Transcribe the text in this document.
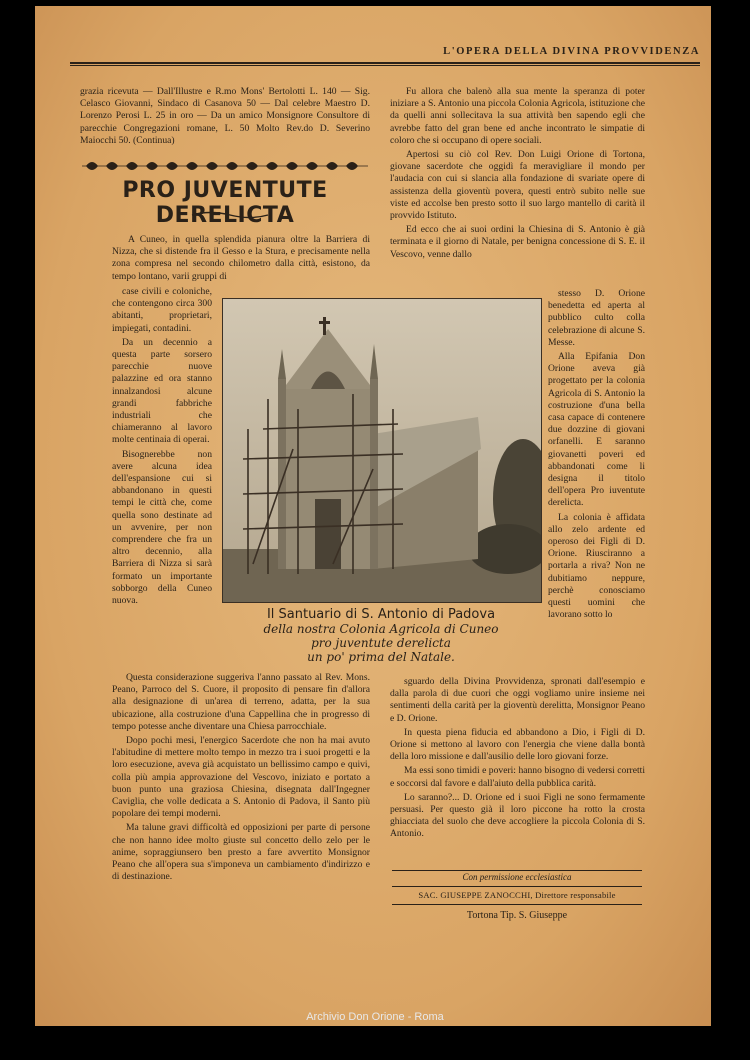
L'OPERA DELLA DIVINA PROVVIDENZA

grazia ricevuta — Dall'Illustre e R.mo Mons' Bertolotti L. 140 — Sig. Celasco Giovanni, Sindaco di Casanova 50 — Dal celebre Maestro D. Lorenzo Perosi L. 25 in oro — Da un amico Monsignore Consultore di parecchie Congregazioni romane, L. 50 Molto Rev.do D. Severino Maiocchi 50. (Continua)

PRO JUVENTUTE DERELICTA

A Cuneo, in quella splendida pianura oltre la Barriera di Nizza, che si distende fra il Gesso e la Stura, e precisamente nella zona compresa nel secondo chilometro dalla città, esistono, da tempo lontano, varii gruppi di

case civili e coloniche, che contengono circa 300 abitanti, proprietari, impiegati, contadini.

Da un decennio a questa parte sorsero parecchie nuove palazzine ed ora stanno innalzandosi alcune grandi fabbriche industriali che chiameranno al lavoro molte centinaia di operai.

Bisognerebbe non avere alcuna idea dell'espansione cui si abbandonano in questi tempi le città che, come quella sono destinate ad un avvenire, per non comprendere che fra un altro decennio, alla Barriera di Nizza si sarà formato un importante sobborgo della Cuneo nuova.

Il Santuario di S. Antonio di Padova
della nostra Colonia Agricola di Cuneo
pro juventute derelicta
un po' prima del Natale.

Questa considerazione suggeriva l'anno passato al Rev. Mons. Peano, Parroco del S. Cuore, il proposito di pensare fin d'allora alla designazione di un'area di terreno, adatta, per la sua ubicazione, alla costruzione d'una Cappellina che in progresso di tempo potesse anche diventare una Chiesa parrocchiale.

Dopo pochi mesi, l'energico Sacerdote che non ha mai avuto l'abitudine di mettere molto tempo in mezzo tra i suoi progetti e la loro esecuzione, aveva già acquistato un bellissimo campo e quivi, colla più ampia approvazione del Vescovo, iniziato e portato a buon punto una graziosa Chiesina, disegnata dall'Ingegner Caviglia, che volle dedicata a S. Antonio di Padova, il Santo più popolare dei tempi moderni.

Ma talune gravi difficoltà ed opposizioni per parte di persone che non hanno idee molto giuste sul concetto dello zelo per le anime, sopraggiunsero ben presto a fare avvertito Monsignor Peano che all'opera sua s'imponeva un cambiamento d'indirizzo e di destinazione.

Fu allora che balenò alla sua mente la speranza di poter iniziare a S. Antonio una piccola Colonia Agricola, istituzione che da quelli anni sollecitava la sua attività ben sapendo egli che avrebbe fatto del gran bene ed anche incontrato le simpatie di coloro che si occupano di opere sociali.

Apertosi su ciò col Rev. Don Luigi Orione di Tortona, giovane sacerdote che oggidì fa meravigliare il mondo per l'audacia con cui si slancia alla fondazione di svariate opere di assistenza della gioventù povera, questi entrò subito nelle sue viste ed accolse ben presto sotto il suo largo mantello di carità il provvido Istituto.

Ed ecco che ai suoi ordini la Chiesina di S. Antonio è già terminata e il giorno di Natale, per benigna concessione di S. E. il Vescovo, venne dallo

stesso D. Orione benedetta ed aperta al pubblico culto colla celebrazione di alcune S. Messe.

Alla Epifania Don Orione aveva già progettato per la colonia Agricola di S. Antonio la costruzione d'una bella casa capace di contenere due dozzine di giovani orfanelli. E saranno giovanetti poveri ed abbandonati come li designa il titolo dell'opera Pro iuventute derelicta.

La colonia è affidata allo zelo ardente ed operoso dei Figli di D. Orione. Riusciranno a portarla a riva? Non ne dubitiamo neppure, perchè conosciamo questi uomini che lavorano sotto lo

sguardo della Divina Provvidenza, spronati dall'esempio e dalla parola di due cuori che oggi vogliamo unire insieme nei sentimenti della carità per la gioventù derelitta, Monsignor Peano e D. Orione.

In questa piena fiducia ed abbandono a Dio, i Figli di D. Orione si mettono al lavoro con l'energia che viene dalla bontà della loro missione e dall'ausilio delle loro giovani forze.

Ma essi sono timidi e poveri: hanno bisogno di vedersi corretti e soccorsi dal favore e dall'aiuto della pubblica carità.

Lo saranno?... D. Orione ed i suoi Figli ne sono fermamente persuasi. Per questo già il loro piccone ha rotto la crosta ghiacciata del suolo che deve accogliere la piccola Colonia di S. Antonio.

Con permissione ecclesiastica
SAC. GIUSEPPE ZANOCCHI, Direttore responsabile
Tortona Tip. S. Giuseppe
Archivio Don Orione - Roma
